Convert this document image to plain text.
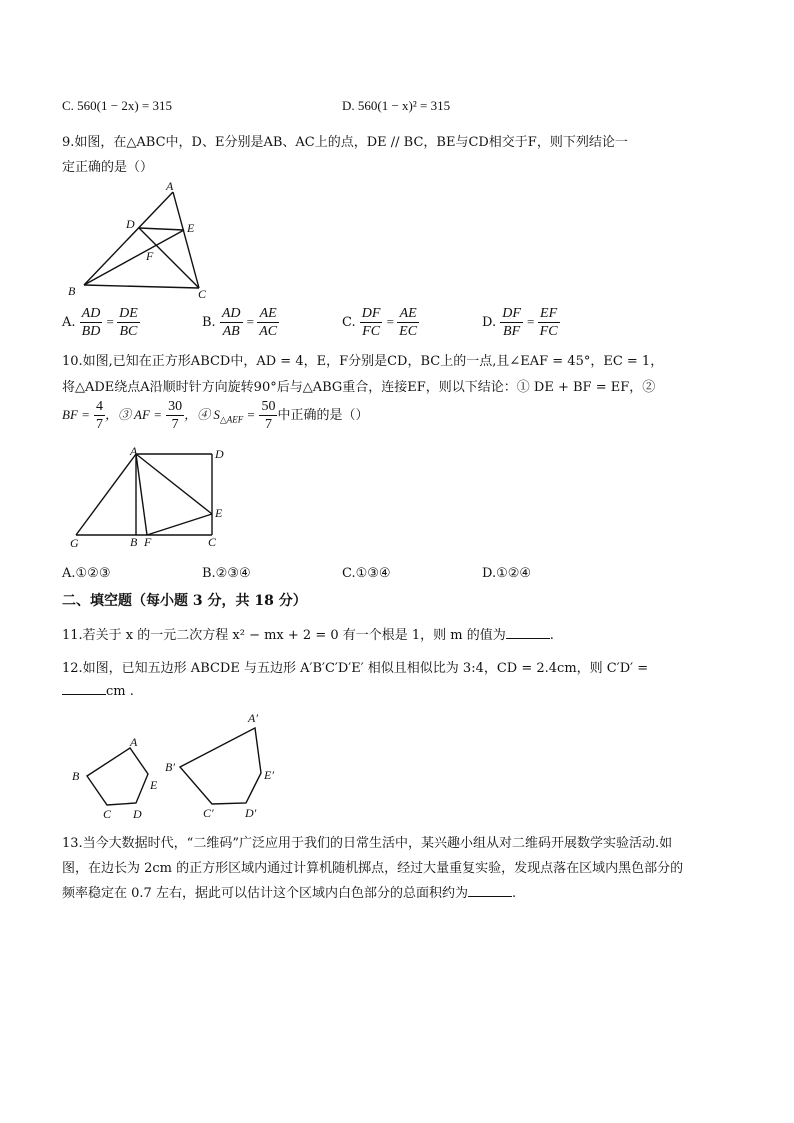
C. 560(1 − 2x) = 315	D. 560(1 − x)² = 315
9.如图，在△ABC中，D、E分别是AB、AC上的点，DE // BC，BE与CD相交于F，则下列结论一
定正确的是（）
A
D	E
F
B	C
A. $\frac{AD}{BD} = \frac{DE}{BC}$	B. $\frac{AD}{AB} = \frac{AE}{AC}$	C. $\frac{DF}{FC} = \frac{AE}{EC}$	D. $\frac{DF}{BF} = \frac{EF}{FC}$
10.如图,已知在正方形ABCD中，AD = 4，E，F分别是CD，BC上的一点,且∠EAF = 45°，EC = 1，
将△ADE绕点A沿顺时针方向旋转90°后与△ABG重合，连接EF，则以下结论：① DE + BF = EF，②
BF = $\frac{4}{7}$ ，③ AF = $\frac{30}{7}$ ，④ $S_{\triangle AEF} = \frac{50}{7}$ 中正确的是（）
A	D
E
G	B F	C
A.①②③	B.②③④	C.①③④	D.①②④
二、填空题（每小题 3 分，共 18 分）
11.若关于 x 的一元二次方程 x² − mx + 2 = 0 有一个根是 1，则 m 的值为	.
12.如图，已知五边形 ABCDE 与五边形 A′B′C′D′E′ 相似且相似比为 3:4，CD = 2.4cm，则 C′D′ =
cm .
A
B
E
C D
A′
B′
E′
C′	D′
13.当今大数据时代，“二维码”广泛应用于我们的日常生活中，某兴趣小组从对二维码开展数学实验活动.如
图，在边长为 2cm 的正方形区域内通过计算机随机掷点，经过大量重复实验，发现点落在区域内黑色部分的
频率稳定在 0.7 左右，据此可以估计这个区域内白色部分的总面积约为	.
